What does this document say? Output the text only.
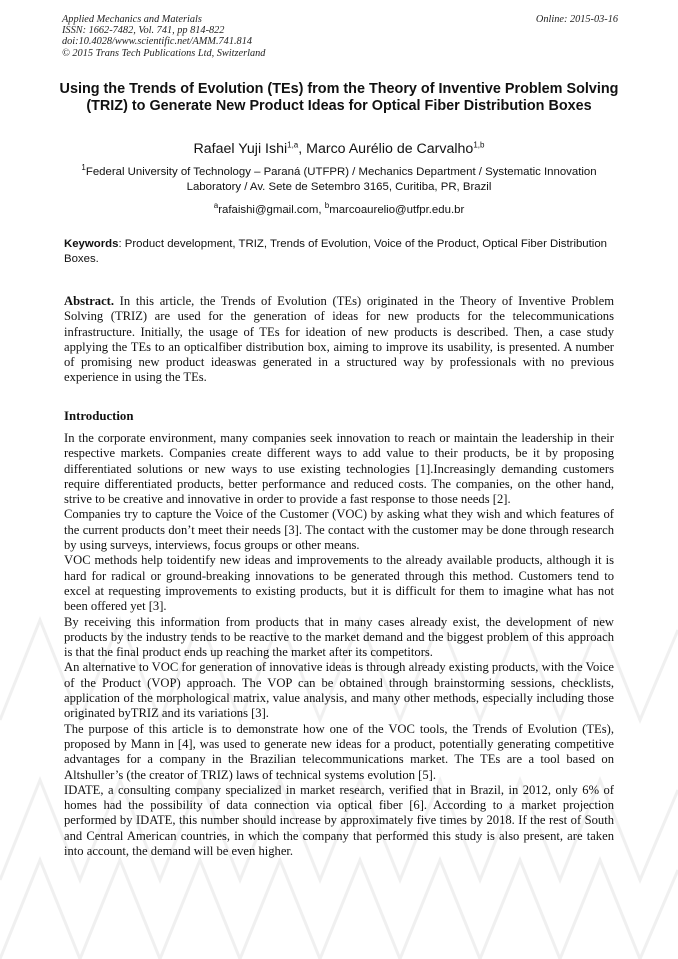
Applied Mechanics and Materials
ISSN: 1662-7482, Vol. 741, pp 814-822
doi:10.4028/www.scientific.net/AMM.741.814
© 2015 Trans Tech Publications Ltd, Switzerland
Online: 2015-03-16
Using the Trends of Evolution (TEs) from the Theory of Inventive Problem Solving (TRIZ) to Generate New Product Ideas for Optical Fiber Distribution Boxes
Rafael Yuji Ishi$^{1,a}$, Marco Aurélio de Carvalho$^{1,b}$
$^1$Federal University of Technology – Paraná (UTFPR) / Mechanics Department / Systematic Innovation Laboratory / Av. Sete de Setembro 3165, Curitiba, PR, Brazil
$^a$rafaishi@gmail.com, $^b$marcoaurelio@utfpr.edu.br
Keywords: Product development, TRIZ, Trends of Evolution, Voice of the Product, Optical Fiber Distribution Boxes.
Abstract. In this article, the Trends of Evolution (TEs) originated in the Theory of Inventive Problem Solving (TRIZ) are used for the generation of ideas for new products for the telecommunications infrastructure. Initially, the usage of TEs for ideation of new products is described. Then, a case study applying the TEs to an opticalfiber distribution box, aiming to improve its usability, is presented. A number of promising new product ideaswas generated in a structured way by professionals with no previous experience in using the TEs.
Introduction

In the corporate environment, many companies seek innovation to reach or maintain the leadership in their respective markets. Companies create different ways to add value to their products, be it by proposing differentiated solutions or new ways to use existing technologies [1].Increasingly demanding customers require differentiated products, better performance and reduced costs. The companies, on the other hand, strive to be creative and innovative in order to provide a fast response to those needs [2].

Companies try to capture the Voice of the Customer (VOC) by asking what they wish and which features of the current products don’t meet their needs [3]. The contact with the customer may be done through research by using surveys, interviews, focus groups or other means.

VOC methods help toidentify new ideas and improvements to the already available products, although it is hard for radical or ground-breaking innovations to be generated through this method. Customers tend to excel at requesting improvements to existing products, but it is difficult for them to imagine what has not been offered yet [3].

By receiving this information from products that in many cases already exist, the development of new products by the industry tends to be reactive to the market demand and the biggest problem of this approach is that the final product ends up reaching the market after its competitors.

An alternative to VOC for generation of innovative ideas is through already existing products, with the Voice of the Product (VOP) approach. The VOP can be obtained through brainstorming sessions, checklists, application of the morphological matrix, value analysis, and many other methods, especially including those originated byTRIZ and its variations [3].

The purpose of this article is to demonstrate how one of the VOC tools, the Trends of Evolution (TEs), proposed by Mann in [4], was used to generate new ideas for a product, potentially generating competitive advantages for a company in the Brazilian telecommunications market. The TEs are a tool based on Altshuller’s (the creator of TRIZ) laws of technical systems evolution [5].

IDATE, a consulting company specialized in market research, verified that in Brazil, in 2012, only 6% of homes had the possibility of data connection via optical fiber [6]. According to a market projection performed by IDATE, this number should increase by approximately five times by 2018. If the rest of South and Central American countries, in which the company that performed this study is also present, are taken into account, the demand will be even higher.
